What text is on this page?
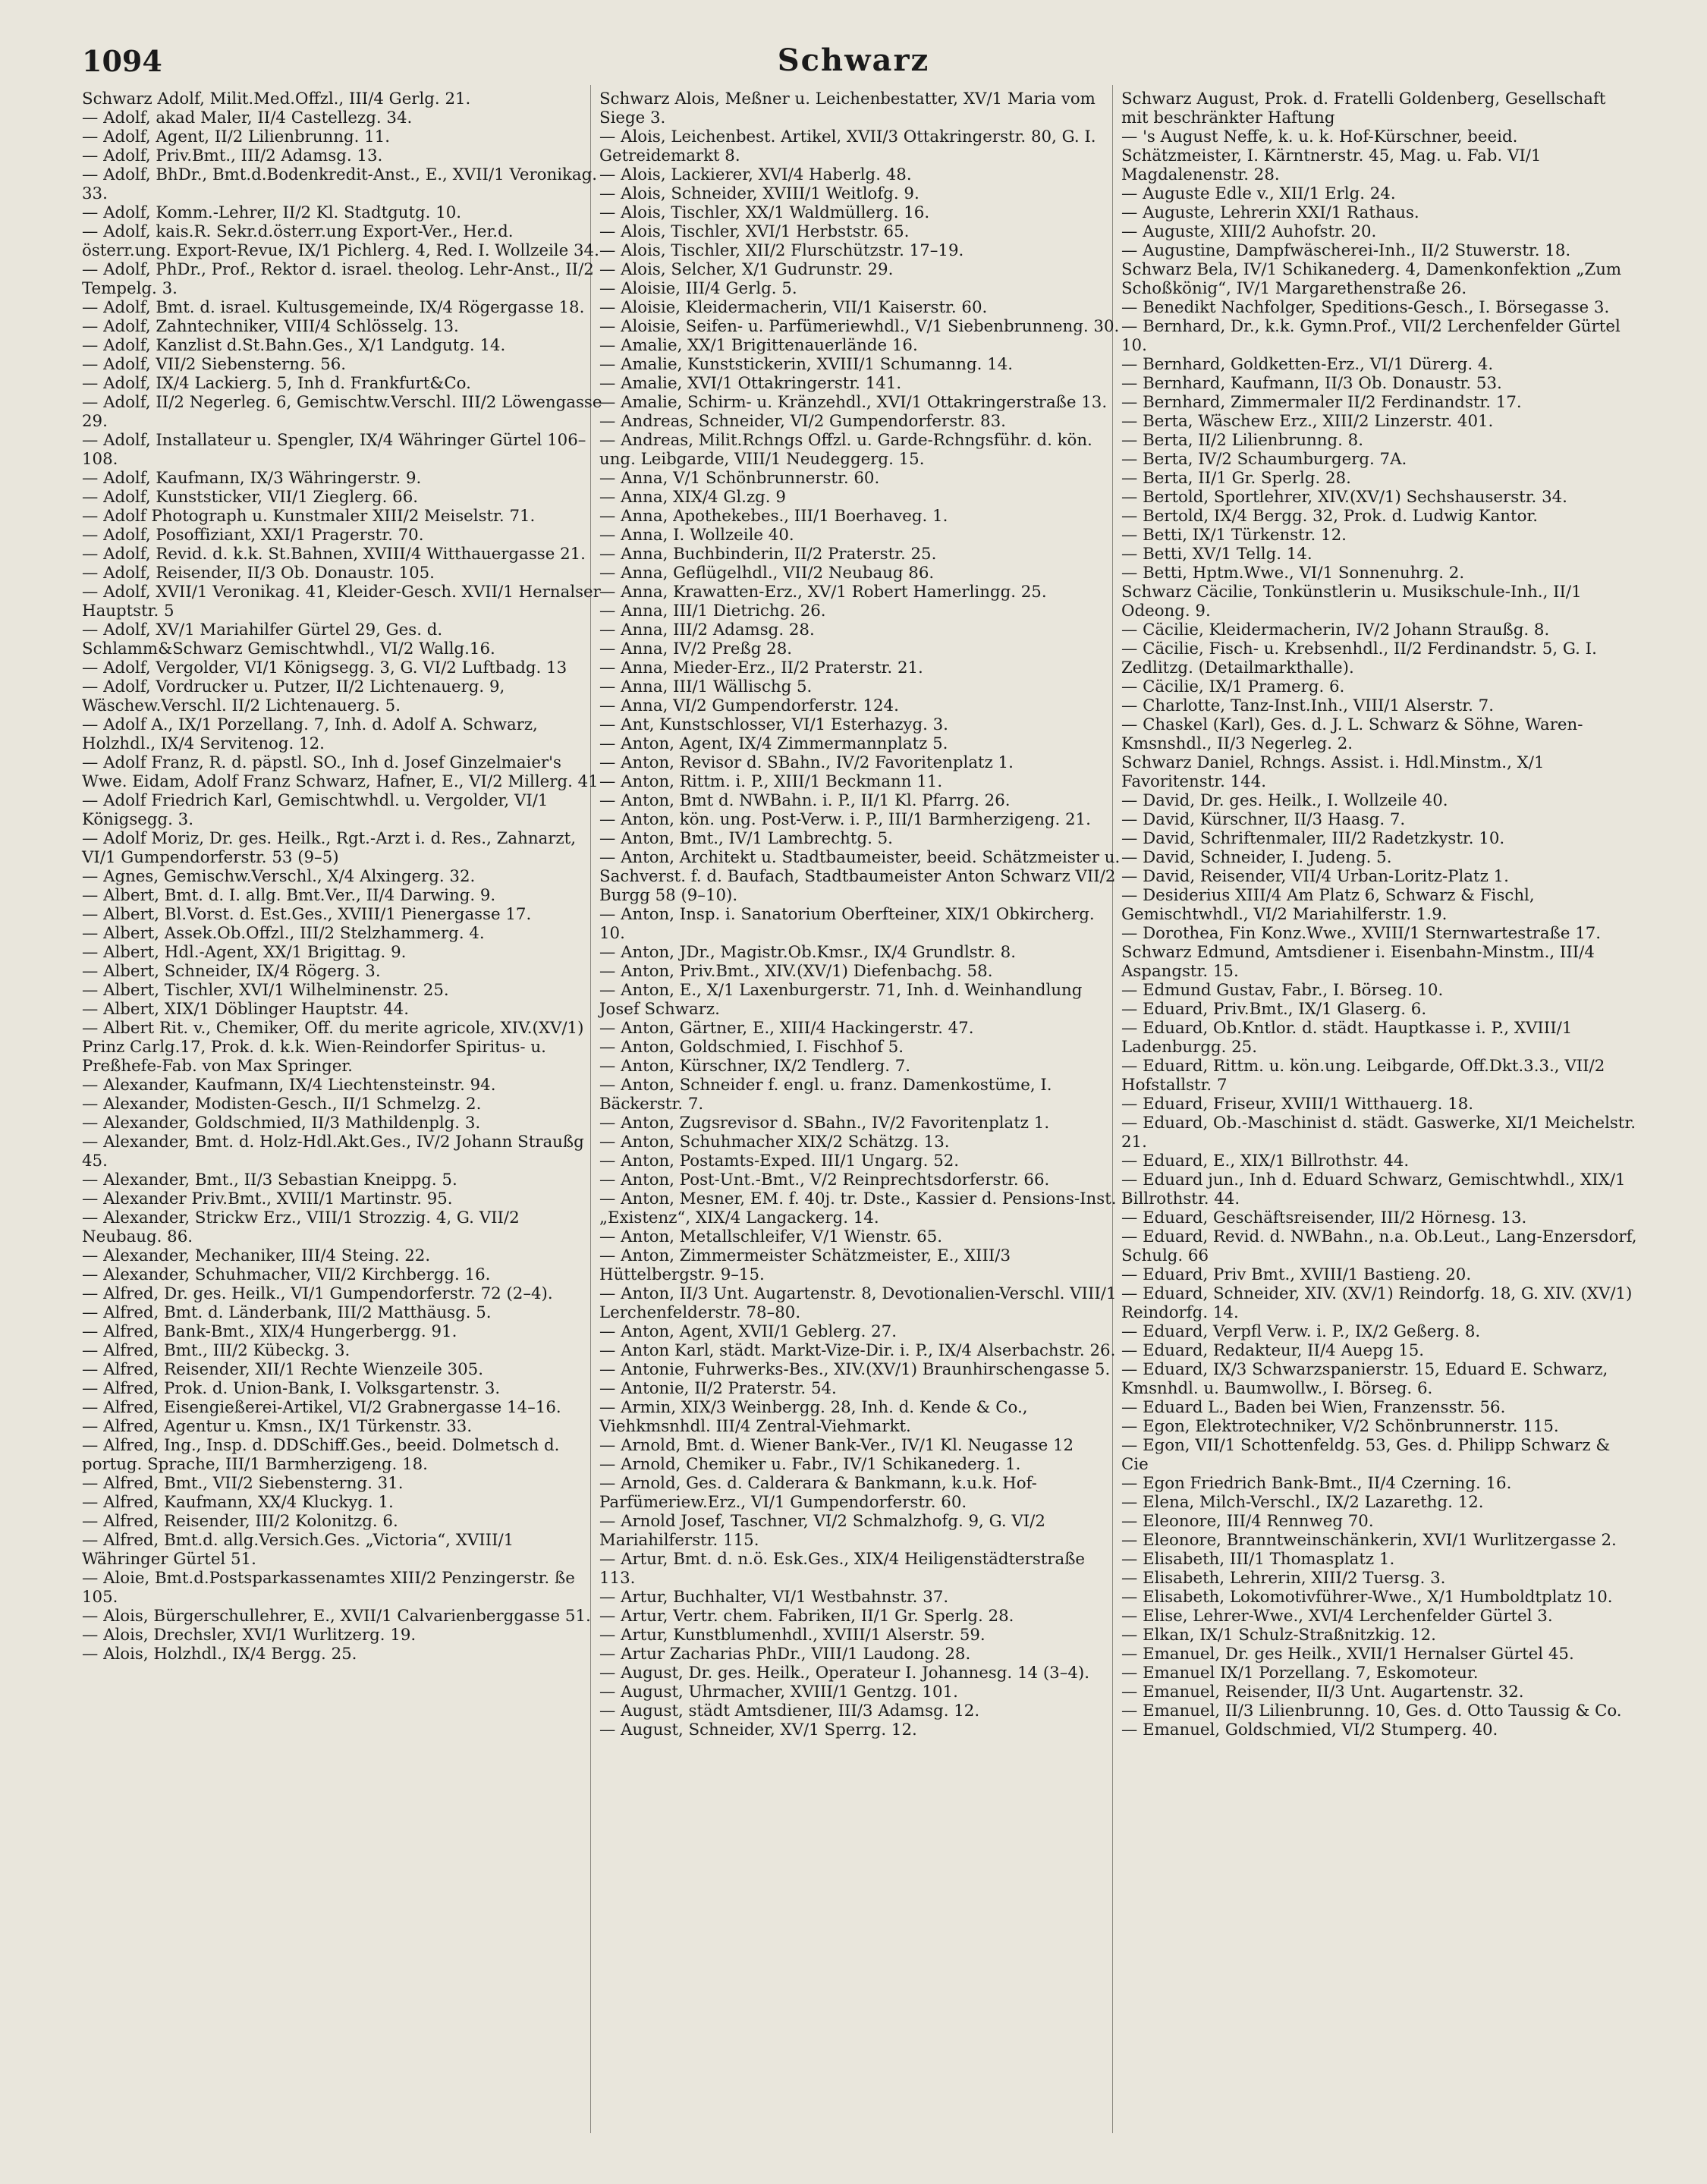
1094	Schwarz

Schwarz Adolf, Milit.Med.Offzl., III/4 Gerlg. 21.

— Adolf, akad Maler, II/4 Castellezg. 34.

— Adolf, Agent, II/2 Lilienbrunng. 11.

— Adolf, Priv.Bmt., III/2 Adamsg. 13.

— Adolf, BhDr., Bmt.d.Bodenkredit-Anst., E., XVII/1 Veronikag. 33.

— Adolf, Komm.-Lehrer, II/2 Kl. Stadtgutg. 10.

— Adolf, kais.R. Sekr.d.österr.ung Export-Ver., Her.d. österr.ung. Export-Revue, IX/1 Pichlerg. 4, Red. I. Wollzeile 34.

— Adolf, PhDr., Prof., Rektor d. israel. theolog. Lehr-Anst., II/2 Tempelg. 3.

— Adolf, Bmt. d. israel. Kultusgemeinde, IX/4 Rögergasse 18.

— Adolf, Zahntechniker, VIII/4 Schlösselg. 13.

— Adolf, Kanzlist d.St.Bahn.Ges., X/1 Landgutg. 14.

— Adolf, VII/2 Siebensterng. 56.

— Adolf, IX/4 Lackierg. 5, Inh d. Frankfurt&Co.

— Adolf, II/2 Negerleg. 6, Gemischtw.Verschl. III/2 Löwengasse 29.

— Adolf, Installateur u. Spengler, IX/4 Währinger Gürtel 106–108.

— Adolf, Kaufmann, IX/3 Währingerstr. 9.

— Adolf, Kunststicker, VII/1 Zieglerg. 66.

— Adolf Photograph u. Kunstmaler XIII/2 Meiselstr. 71.

— Adolf, Posoffiziant, XXI/1 Pragerstr. 70.

— Adolf, Revid. d. k.k. St.Bahnen, XVIII/4 Witthauergasse 21.

— Adolf, Reisender, II/3 Ob. Donaustr. 105.

— Adolf, XVII/1 Veronikag. 41, Kleider-Gesch. XVII/1 Hernalser Hauptstr. 5

— Adolf, XV/1 Mariahilfer Gürtel 29, Ges. d. Schlamm&Schwarz Gemischtwhdl., VI/2 Wallg.16.

— Adolf, Vergolder, VI/1 Königsegg. 3, G. VI/2 Luftbadg. 13

— Adolf, Vordrucker u. Putzer, II/2 Lichtenauerg. 9, Wäschew.Verschl. II/2 Lichtenauerg. 5.

— Adolf A., IX/1 Porzellang. 7, Inh. d. Adolf A. Schwarz, Holzhdl., IX/4 Servitenog. 12.

— Adolf Franz, R. d. päpstl. SO., Inh d. Josef Ginzelmaier's Wwe. Eidam, Adolf Franz Schwarz, Hafner, E., VI/2 Millerg. 41

— Adolf Friedrich Karl, Gemischtwhdl. u. Vergolder, VI/1 Königsegg. 3.

— Adolf Moriz, Dr. ges. Heilk., Rgt.-Arzt i. d. Res., Zahnarzt, VI/1 Gumpendorferstr. 53 (9–5)

— Agnes, Gemischw.Verschl., X/4 Alxingerg. 32.

— Albert, Bmt. d. I. allg. Bmt.Ver., II/4 Darwing. 9.

— Albert, Bl.Vorst. d. Est.Ges., XVIII/1 Pienergasse 17.

— Albert, Assek.Ob.Offzl., III/2 Stelzhammerg. 4.

— Albert, Hdl.-Agent, XX/1 Brigittag. 9.

— Albert, Schneider, IX/4 Rögerg. 3.

— Albert, Tischler, XVI/1 Wilhelminenstr. 25.

— Albert, XIX/1 Döblinger Hauptstr. 44.

— Albert Rit. v., Chemiker, Off. du merite agricole, XIV.(XV/1) Prinz Carlg.17, Prok. d. k.k. Wien-Reindorfer Spiritus- u. Preßhefe-Fab. von Max Springer.

— Alexander, Kaufmann, IX/4 Liechtensteinstr. 94.

— Alexander, Modisten-Gesch., II/1 Schmelzg. 2.

— Alexander, Goldschmied, II/3 Mathildenplg. 3.

— Alexander, Bmt. d. Holz-Hdl.Akt.Ges., IV/2 Johann Straußg 45.

— Alexander, Bmt., II/3 Sebastian Kneippg. 5.

— Alexander Priv.Bmt., XVIII/1 Martinstr. 95.

— Alexander, Strickw Erz., VIII/1 Strozzig. 4, G. VII/2 Neubaug. 86.

— Alexander, Mechaniker, III/4 Steing. 22.

— Alexander, Schuhmacher, VII/2 Kirchbergg. 16.

— Alfred, Dr. ges. Heilk., VI/1 Gumpendorferstr. 72 (2–4).

— Alfred, Bmt. d. Länderbank, III/2 Matthäusg. 5.

— Alfred, Bank-Bmt., XIX/4 Hungerbergg. 91.

— Alfred, Bmt., III/2 Kübeckg. 3.

— Alfred, Reisender, XII/1 Rechte Wienzeile 305.

— Alfred, Prok. d. Union-Bank, I. Volksgartenstr. 3.

— Alfred, Eisengießerei-Artikel, VI/2 Grabnergasse 14–16.

— Alfred, Agentur u. Kmsn., IX/1 Türkenstr. 33.

— Alfred, Ing., Insp. d. DDSchiff.Ges., beeid. Dolmetsch d. portug. Sprache, III/1 Barmherzigeng. 18.

— Alfred, Bmt., VII/2 Siebensterng. 31.

— Alfred, Kaufmann, XX/4 Kluckyg. 1.

— Alfred, Reisender, III/2 Kolonitzg. 6.

— Alfred, Bmt.d. allg.Versich.Ges. „Victoria“, XVIII/1 Währinger Gürtel 51.

— Aloie, Bmt.d.Postsparkassenamtes XIII/2 Penzingerstr. ße 105.

— Alois, Bürgerschullehrer, E., XVII/1 Calvarienberggasse 51.

— Alois, Drechsler, XVI/1 Wurlitzerg. 19.

— Alois, Holzhdl., IX/4 Bergg. 25.

Schwarz Alois, Meßner u. Leichenbestatter, XV/1 Maria vom Siege 3.

— Alois, Leichenbest. Artikel, XVII/3 Ottakringerstr. 80, G. I. Getreidemarkt 8.

— Alois, Lackierer, XVI/4 Haberlg. 48.

— Alois, Schneider, XVIII/1 Weitlofg. 9.

— Alois, Tischler, XX/1 Waldmüllerg. 16.

— Alois, Tischler, XVI/1 Herbststr. 65.

— Alois, Tischler, XII/2 Flurschützstr. 17–19.

— Alois, Selcher, X/1 Gudrunstr. 29.

— Aloisie, III/4 Gerlg. 5.

— Aloisie, Kleidermacherin, VII/1 Kaiserstr. 60.

— Aloisie, Seifen- u. Parfümeriewhdl., V/1 Siebenbrunneng. 30.

— Amalie, XX/1 Brigittenauerlände 16.

— Amalie, Kunststickerin, XVIII/1 Schumanng. 14.

— Amalie, XVI/1 Ottakringerstr. 141.

— Amalie, Schirm- u. Kränzehdl., XVI/1 Ottakringerstraße 13.

— Andreas, Schneider, VI/2 Gumpendorferstr. 83.

— Andreas, Milit.Rchngs Offzl. u. Garde-Rchngsführ. d. kön. ung. Leibgarde, VIII/1 Neudeggerg. 15.

— Anna, V/1 Schönbrunnerstr. 60.

— Anna, XIX/4 Gl.zg. 9

— Anna, Apothekebes., III/1 Boerhaveg. 1.

— Anna, I. Wollzeile 40.

— Anna, Buchbinderin, II/2 Praterstr. 25.

— Anna, Geflügelhdl., VII/2 Neubaug 86.

— Anna, Krawatten-Erz., XV/1 Robert Hamerlingg. 25.

— Anna, III/1 Dietrichg. 26.

— Anna, III/2 Adamsg. 28.

— Anna, IV/2 Preßg 28.

— Anna, Mieder-Erz., II/2 Praterstr. 21.

— Anna, III/1 Wällischg 5.

— Anna, VI/2 Gumpendorferstr. 124.

— Ant, Kunstschlosser, VI/1 Esterhazyg. 3.

— Anton, Agent, IX/4 Zimmermannplatz 5.

— Anton, Revisor d. SBahn., IV/2 Favoritenplatz 1.

— Anton, Rittm. i. P., XIII/1 Beckmann 11.

— Anton, Bmt d. NWBahn. i. P., II/1 Kl. Pfarrg. 26.

— Anton, kön. ung. Post-Verw. i. P., III/1 Barmherzigeng. 21.

— Anton, Bmt., IV/1 Lambrechtg. 5.

— Anton, Architekt u. Stadtbaumeister, beeid. Schätzmeister u. Sachverst. f. d. Baufach, Stadtbaumeister Anton Schwarz VII/2 Burgg 58 (9–10).

— Anton, Insp. i. Sanatorium Oberfteiner, XIX/1 Obkircherg. 10.

— Anton, JDr., Magistr.Ob.Kmsr., IX/4 Grundlstr. 8.

— Anton, Priv.Bmt., XIV.(XV/1) Diefenbachg. 58.

— Anton, E., X/1 Laxenburgerstr. 71, Inh. d. Weinhandlung Josef Schwarz.

— Anton, Gärtner, E., XIII/4 Hackingerstr. 47.

— Anton, Goldschmied, I. Fischhof 5.

— Anton, Kürschner, IX/2 Tendlerg. 7.

— Anton, Schneider f. engl. u. franz. Damenkostüme, I. Bäckerstr. 7.

— Anton, Zugsrevisor d. SBahn., IV/2 Favoritenplatz 1.

— Anton, Schuhmacher XIX/2 Schätzg. 13.

— Anton, Postamts-Exped. III/1 Ungarg. 52.

— Anton, Post-Unt.-Bmt., V/2 Reinprechtsdorferstr. 66.

— Anton, Mesner, EM. f. 40j. tr. Dste., Kassier d. Pensions-Inst. „Existenz“, XIX/4 Langackerg. 14.

— Anton, Metallschleifer, V/1 Wienstr. 65.

— Anton, Zimmermeister Schätzmeister, E., XIII/3 Hüttelbergstr. 9–15.

— Anton, II/3 Unt. Augartenstr. 8, Devotionalien-Verschl. VIII/1 Lerchenfelderstr. 78–80.

— Anton, Agent, XVII/1 Geblerg. 27.

— Anton Karl, städt. Markt-Vize-Dir. i. P., IX/4 Alserbachstr. 26.

— Antonie, Fuhrwerks-Bes., XIV.(XV/1) Braunhirschengasse 5.

— Antonie, II/2 Praterstr. 54.

— Armin, XIX/3 Weinbergg. 28, Inh. d. Kende & Co., Viehkmsnhdl. III/4 Zentral-Viehmarkt.

— Arnold, Bmt. d. Wiener Bank-Ver., IV/1 Kl. Neugasse 12

— Arnold, Chemiker u. Fabr., IV/1 Schikanederg. 1.

— Arnold, Ges. d. Calderara & Bankmann, k.u.k. Hof-Parfümeriew.Erz., VI/1 Gumpendorferstr. 60.

— Arnold Josef, Taschner, VI/2 Schmalzhofg. 9, G. VI/2 Mariahilferstr. 115.

— Artur, Bmt. d. n.ö. Esk.Ges., XIX/4 Heiligenstädterstraße 113.

— Artur, Buchhalter, VI/1 Westbahnstr. 37.

— Artur, Vertr. chem. Fabriken, II/1 Gr. Sperlg. 28.

— Artur, Kunstblumenhdl., XVIII/1 Alserstr. 59.

— Artur Zacharias PhDr., VIII/1 Laudong. 28.

— August, Dr. ges. Heilk., Operateur I. Johannesg. 14 (3–4).

— August, Uhrmacher, XVIII/1 Gentzg. 101.

— August, städt Amtsdiener, III/3 Adamsg. 12.

— August, Schneider, XV/1 Sperrg. 12.

Schwarz August, Prok. d. Fratelli Goldenberg, Gesellschaft mit beschränkter Haftung

— 's August Neffe, k. u. k. Hof-Kürschner, beeid. Schätzmeister, I. Kärntnerstr. 45, Mag. u. Fab. VI/1 Magdalenenstr. 28.

— Auguste Edle v., XII/1 Erlg. 24.

— Auguste, Lehrerin XXI/1 Rathaus.

— Auguste, XIII/2 Auhofstr. 20.

— Augustine, Dampfwäscherei-Inh., II/2 Stuwerstr. 18.

Schwarz Bela, IV/1 Schikanederg. 4, Damenkonfektion „Zum Schoßkönig“, IV/1 Margarethenstraße 26.

— Benedikt Nachfolger, Speditions-Gesch., I. Börsegasse 3.

— Bernhard, Dr., k.k. Gymn.Prof., VII/2 Lerchenfelder Gürtel 10.

— Bernhard, Goldketten-Erz., VI/1 Dürerg. 4.

— Bernhard, Kaufmann, II/3 Ob. Donaustr. 53.

— Bernhard, Zimmermaler II/2 Ferdinandstr. 17.

— Berta, Wäschew Erz., XIII/2 Linzerstr. 401.

— Berta, II/2 Lilienbrunng. 8.

— Berta, IV/2 Schaumburgerg. 7A.

— Berta, II/1 Gr. Sperlg. 28.

— Bertold, Sportlehrer, XIV.(XV/1) Sechshauserstr. 34.

— Bertold, IX/4 Bergg. 32, Prok. d. Ludwig Kantor.

— Betti, IX/1 Türkenstr. 12.

— Betti, XV/1 Tellg. 14.

— Betti, Hptm.Wwe., VI/1 Sonnenuhrg. 2.

Schwarz Cäcilie, Tonkünstlerin u. Musikschule-Inh., II/1 Odeong. 9.

— Cäcilie, Kleidermacherin, IV/2 Johann Straußg. 8.

— Cäcilie, Fisch- u. Krebsenhdl., II/2 Ferdinandstr. 5, G. I. Zedlitzg. (Detailmarkthalle).

— Cäcilie, IX/1 Pramerg. 6.

— Charlotte, Tanz-Inst.Inh., VIII/1 Alserstr. 7.

— Chaskel (Karl), Ges. d. J. L. Schwarz & Söhne, Waren-Kmsnshdl., II/3 Negerleg. 2.

Schwarz Daniel, Rchngs. Assist. i. Hdl.Minstm., X/1 Favoritenstr. 144.

— David, Dr. ges. Heilk., I. Wollzeile 40.

— David, Kürschner, II/3 Haasg. 7.

— David, Schriftenmaler, III/2 Radetzkystr. 10.

— David, Schneider, I. Judeng. 5.

— David, Reisender, VII/4 Urban-Loritz-Platz 1.

— Desiderius XIII/4 Am Platz 6, Schwarz & Fischl, Gemischtwhdl., VI/2 Mariahilferstr. 1.9.

— Dorothea, Fin Konz.Wwe., XVIII/1 Sternwartestraße 17.

Schwarz Edmund, Amtsdiener i. Eisenbahn-Minstm., III/4 Aspangstr. 15.

— Edmund Gustav, Fabr., I. Börseg. 10.

— Eduard, Priv.Bmt., IX/1 Glaserg. 6.

— Eduard, Ob.Kntlor. d. städt. Hauptkasse i. P., XVIII/1 Ladenburgg. 25.

— Eduard, Rittm. u. kön.ung. Leibgarde, Off.Dkt.3.3., VII/2 Hofstallstr. 7

— Eduard, Friseur, XVIII/1 Witthauerg. 18.

— Eduard, Ob.-Maschinist d. städt. Gaswerke, XI/1 Meichelstr. 21.

— Eduard, E., XIX/1 Billrothstr. 44.

— Eduard jun., Inh d. Eduard Schwarz, Gemischtwhdl., XIX/1 Billrothstr. 44.

— Eduard, Geschäftsreisender, III/2 Hörnesg. 13.

— Eduard, Revid. d. NWBahn., n.a. Ob.Leut., Lang-Enzersdorf, Schulg. 66

— Eduard, Priv Bmt., XVIII/1 Bastieng. 20.

— Eduard, Schneider, XIV. (XV/1) Reindorfg. 18, G. XIV. (XV/1) Reindorfg. 14.

— Eduard, Verpfl Verw. i. P., IX/2 Geßerg. 8.

— Eduard, Redakteur, II/4 Auepg 15.

— Eduard, IX/3 Schwarzspanierstr. 15, Eduard E. Schwarz, Kmsnhdl. u. Baumwollw., I. Börseg. 6.

— Eduard L., Baden bei Wien, Franzensstr. 56.

— Egon, Elektrotechniker, V/2 Schönbrunnerstr. 115.

— Egon, VII/1 Schottenfeldg. 53, Ges. d. Philipp Schwarz & Cie

— Egon Friedrich Bank-Bmt., II/4 Czerning. 16.

— Elena, Milch-Verschl., IX/2 Lazarethg. 12.

— Eleonore, III/4 Rennweg 70.

— Eleonore, Branntweinschänkerin, XVI/1 Wurlitzergasse 2.

— Elisabeth, III/1 Thomasplatz 1.

— Elisabeth, Lehrerin, XIII/2 Tuersg. 3.

— Elisabeth, Lokomotivführer-Wwe., X/1 Humboldtplatz 10.

— Elise, Lehrer-Wwe., XVI/4 Lerchenfelder Gürtel 3.

— Elkan, IX/1 Schulz-Straßnitzkig. 12.

— Emanuel, Dr. ges Heilk., XVII/1 Hernalser Gürtel 45.

— Emanuel IX/1 Porzellang. 7, Eskomoteur.

— Emanuel, Reisender, II/3 Unt. Augartenstr. 32.

— Emanuel, II/3 Lilienbrunng. 10, Ges. d. Otto Taussig & Co.

— Emanuel, Goldschmied, VI/2 Stumperg. 40.
